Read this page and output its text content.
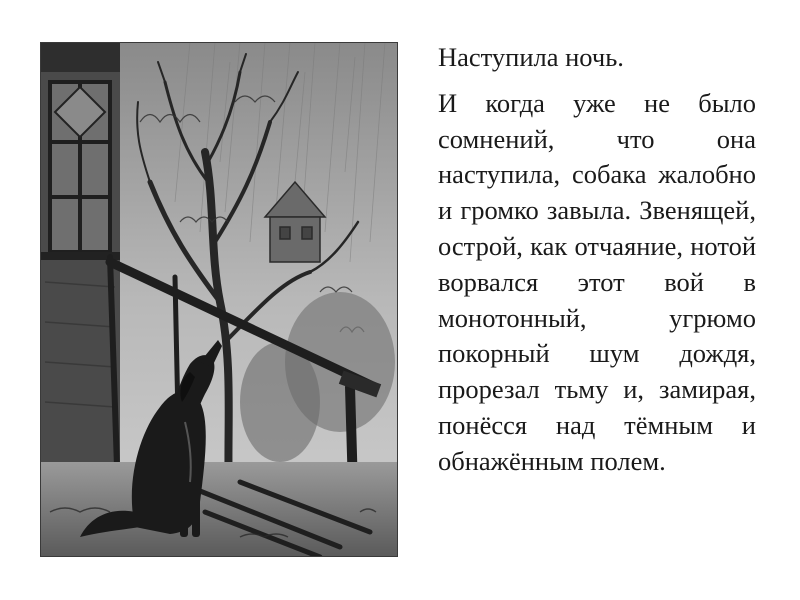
Наступила ночь.

И когда уже не было сомнений, что она наступила, собака жалобно и громко завыла. Звенящей, острой, как отчаяние, нотой ворвался этот вой в монотонный, угрюмо покорный шум дождя, прорезал тьму и, замирая, понёсся над тёмным и обнажённым полем.
